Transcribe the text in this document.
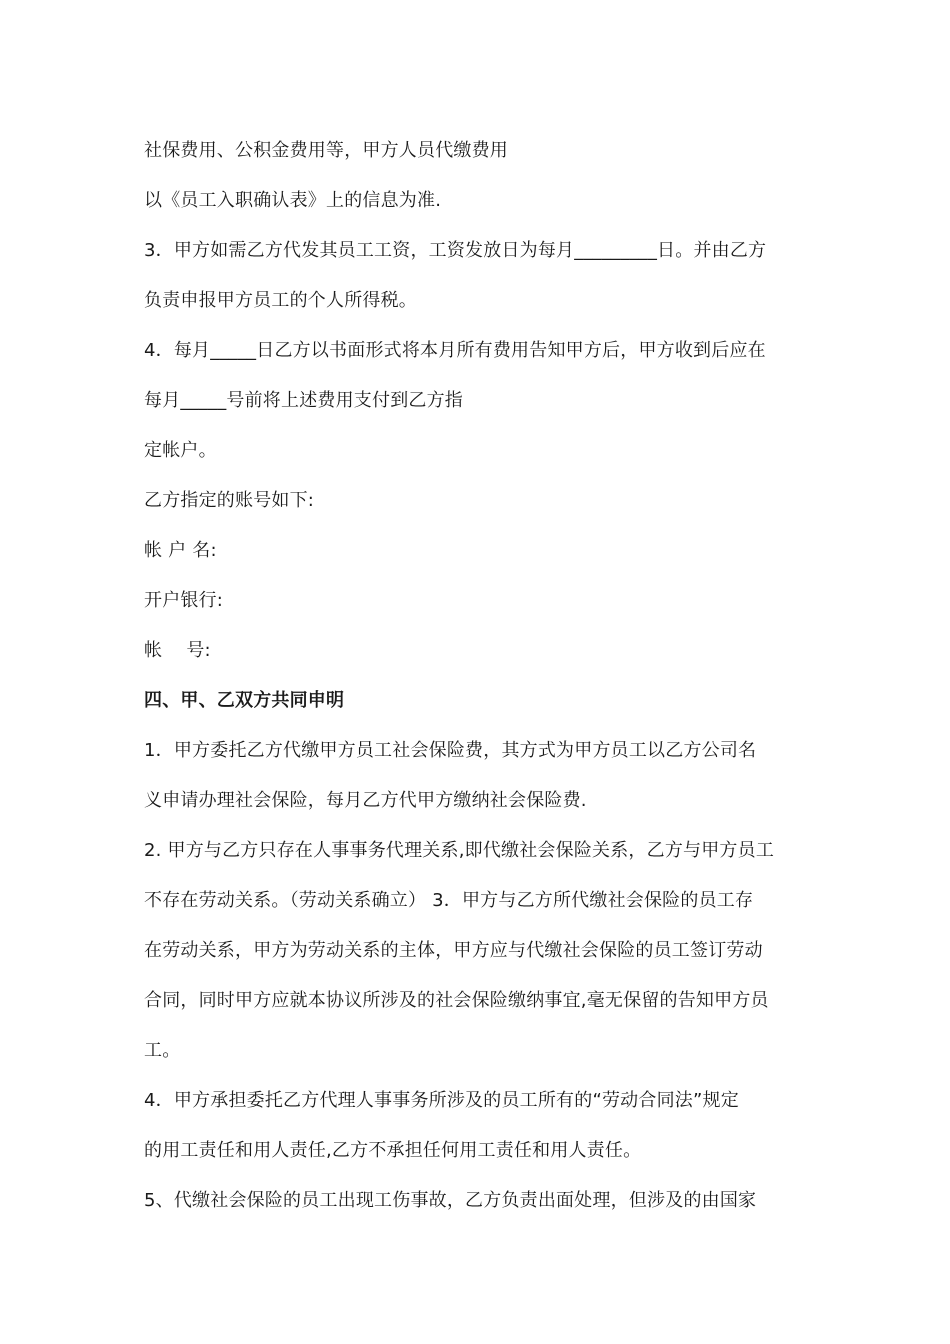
社保费用、公积金费用等，甲方人员代缴费用
以《员工入职确认表》上的信息为准.
3．甲方如需乙方代发其员工工资，工资发放日为每月_________日。并由乙方
负责申报甲方员工的个人所得税。
4．每月_____日乙方以书面形式将本月所有费用告知甲方后，甲方收到后应在
每月_____号前将上述费用支付到乙方指
定帐户。
乙方指定的账号如下:
帐 户 名:
开户银行:
帐　 号:
四、甲、乙双方共同申明
1．甲方委托乙方代缴甲方员工社会保险费，其方式为甲方员工以乙方公司名
义申请办理社会保险，每月乙方代甲方缴纳社会保险费.
2. 甲方与乙方只存在人事事务代理关系,即代缴社会保险关系，乙方与甲方员工
不存在劳动关系。（劳动关系确立） 3．甲方与乙方所代缴社会保险的员工存
在劳动关系，甲方为劳动关系的主体，甲方应与代缴社会保险的员工签订劳动
合同，同时甲方应就本协议所涉及的社会保险缴纳事宜,毫无保留的告知甲方员
工。
4．甲方承担委托乙方代理人事事务所涉及的员工所有的“劳动合同法”规定
的用工责任和用人责任,乙方不承担任何用工责任和用人责任。
5、代缴社会保险的员工出现工伤事故，乙方负责出面处理，但涉及的由国家
